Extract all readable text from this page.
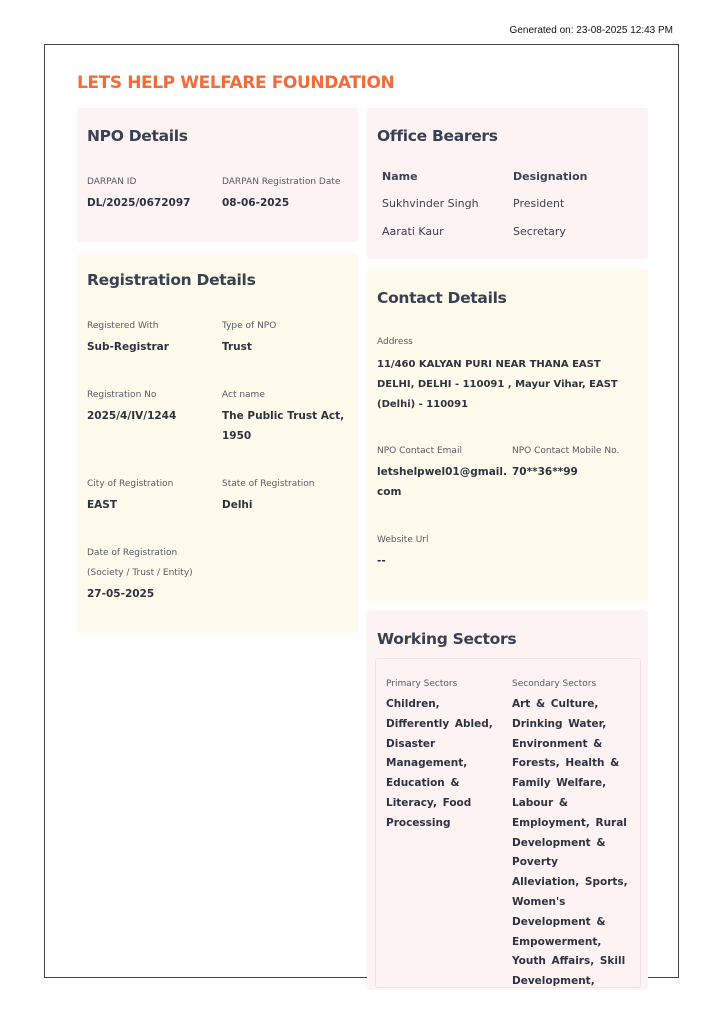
Generated on: 23-08-2025 12:43 PM
LETS HELP WELFARE FOUNDATION
NPO Details
DARPAN ID
DL/2025/0672097
DARPAN Registration Date
08-06-2025
Registration Details
Registered With
Sub-Registrar
Type of NPO
Trust
Registration No
2025/4/IV/1244
Act name
The Public Trust Act, 1950
City of Registration
EAST
State of Registration
Delhi
Date of Registration
(Society / Trust / Entity)
27-05-2025
Office Bearers
Name	Designation
Sukhvinder Singh	President
Aarati Kaur	Secretary
Contact Details
Address
11/460 KALYAN PURI NEAR THANA EAST DELHI, DELHI - 110091 , Mayur Vihar, EAST (Delhi) - 110091
NPO Contact Email
letshelpwel01@gmail.com
NPO Contact Mobile No.
70**36**99
Website Url
--
Working Sectors
Primary Sectors
Children, Differently Abled, Disaster Management, Education & Literacy, Food Processing
Secondary Sectors
Art & Culture, Drinking Water, Environment & Forests, Health & Family Welfare, Labour & Employment, Rural Development & Poverty Alleviation, Sports, Women's Development & Empowerment, Youth Affairs, Skill Development,
